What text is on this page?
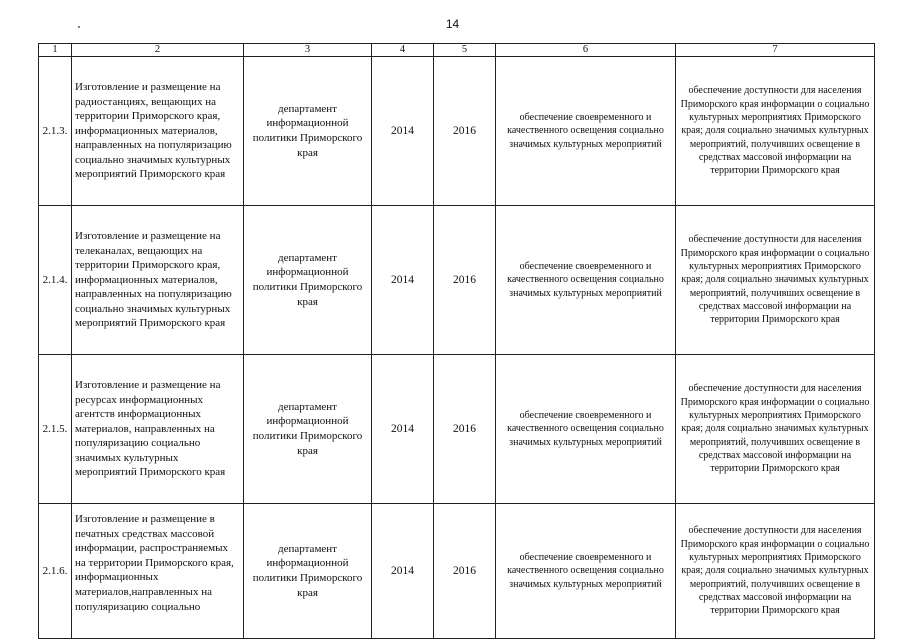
14
1	2	3	4	5	6	7
2.1.3.	Изготовление и размещение на радиостанциях, вещающих на территории Приморского края, информационных материалов, направленных на популяризацию социально значимых культурных мероприятий Приморского края	департамент информационной политики Приморского края	2014	2016	обеспечение своевременного и качественного освещения социально значимых культурных мероприятий	обеспечение доступности для населения Приморского края информации о социально культурных мероприятиях Приморского края; доля социально значимых культурных мероприятий, получивших освещение в средствах массовой информации на территории Приморского края
2.1.4.	Изготовление и размещение на телеканалах, вещающих на территории Приморского края, информационных материалов, направленных на популяризацию социально значимых культурных мероприятий Приморского края	департамент информационной политики Приморского края	2014	2016	обеспечение своевременного и качественного освещения социально значимых культурных мероприятий	обеспечение доступности для населения Приморского края информации о социально культурных мероприятиях Приморского края; доля социально значимых культурных мероприятий, получивших освещение в средствах массовой информации на территории Приморского края
2.1.5.	Изготовление и размещение на ресурсах информационных агентств информационных материалов, направленных на популяризацию социально значимых культурных мероприятий Приморского края	департамент информационной политики Приморского края	2014	2016	обеспечение своевременного и качественного освещения социально значимых культурных мероприятий	обеспечение доступности для населения Приморского края информации о социально культурных мероприятиях Приморского края; доля социально значимых культурных мероприятий, получивших освещение в средствах массовой информации на территории Приморского края
2.1.6.	Изготовление и размещение в печатных средствах массовой информации, распространяемых на территории Приморского края, информационных материалов,направленных на популяризацию социально	департамент информационной политики Приморского края	2014	2016	обеспечение своевременного и качественного освещения социально значимых культурных мероприятий	обеспечение доступности для населения Приморского края информации о социально культурных мероприятиях Приморского края; доля социально значимых культурных мероприятий, получивших освещение в средствах массовой информации на территории Приморского края
